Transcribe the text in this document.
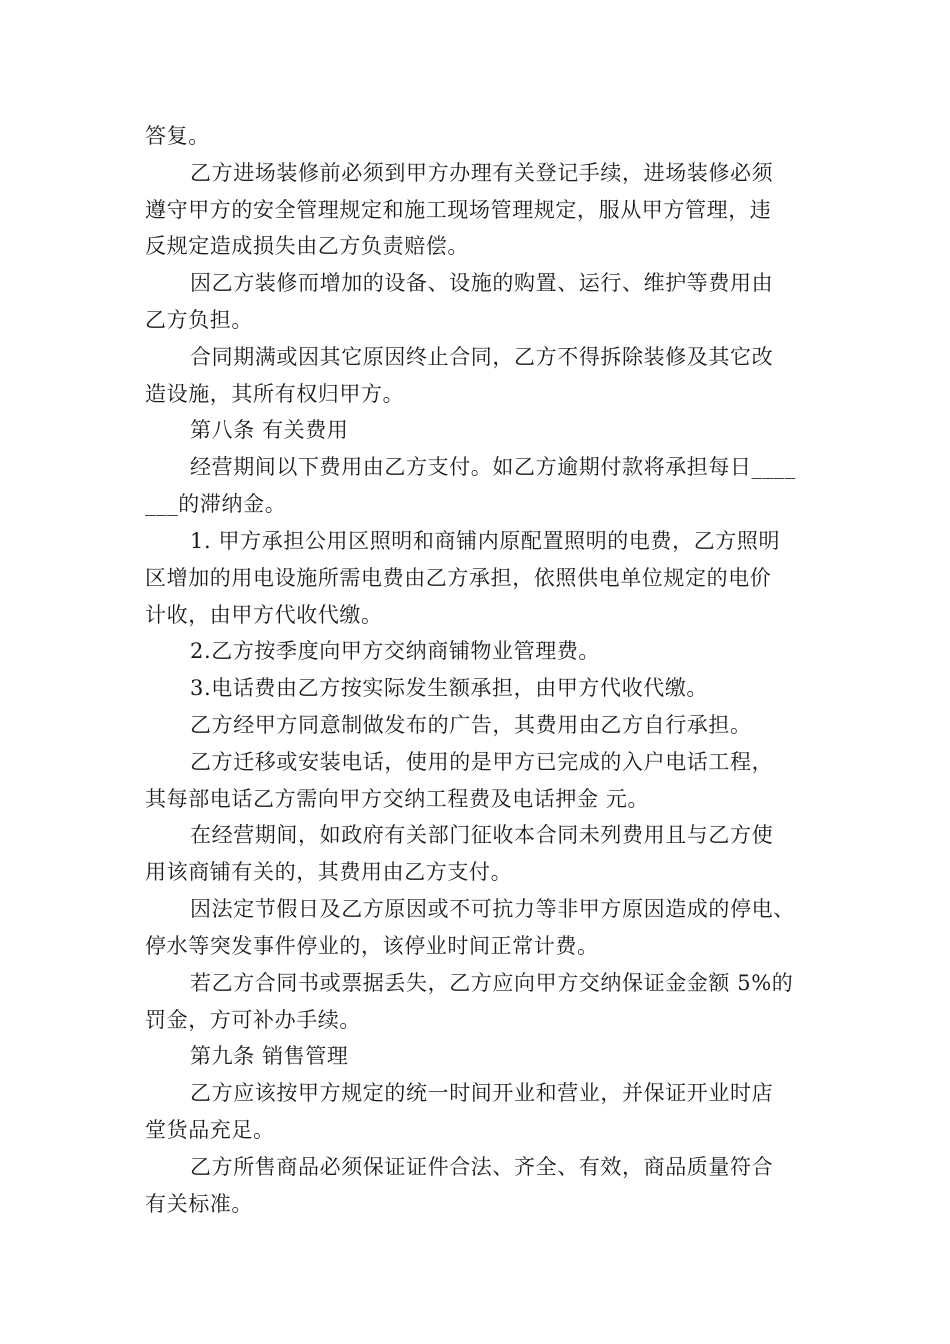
答复。
乙方进场装修前必须到甲方办理有关登记手续，进场装修必须
遵守甲方的安全管理规定和施工现场管理规定，服从甲方管理，违
反规定造成损失由乙方负责赔偿。
因乙方装修而增加的设备、设施的购置、运行、维护等费用由
乙方负担。
合同期满或因其它原因终止合同，乙方不得拆除装修及其它改
造设施，其所有权归甲方。
第八条 有关费用
经营期间以下费用由乙方支付。如乙方逾期付款将承担每日____
___的滞纳金。
1. 甲方承担公用区照明和商铺内原配置照明的电费，乙方照明
区增加的用电设施所需电费由乙方承担，依照供电单位规定的电价
计收，由甲方代收代缴。
2.乙方按季度向甲方交纳商铺物业管理费。
3.电话费由乙方按实际发生额承担，由甲方代收代缴。
乙方经甲方同意制做发布的广告，其费用由乙方自行承担。
乙方迁移或安装电话，使用的是甲方已完成的入户电话工程，
其每部电话乙方需向甲方交纳工程费及电话押金 元。
在经营期间，如政府有关部门征收本合同未列费用且与乙方使
用该商铺有关的，其费用由乙方支付。
因法定节假日及乙方原因或不可抗力等非甲方原因造成的停电、
停水等突发事件停业的，该停业时间正常计费。
若乙方合同书或票据丢失，乙方应向甲方交纳保证金金额 5%的
罚金，方可补办手续。
第九条 销售管理
乙方应该按甲方规定的统一时间开业和营业，并保证开业时店
堂货品充足。
乙方所售商品必须保证证件合法、齐全、有效，商品质量符合
有关标准。
